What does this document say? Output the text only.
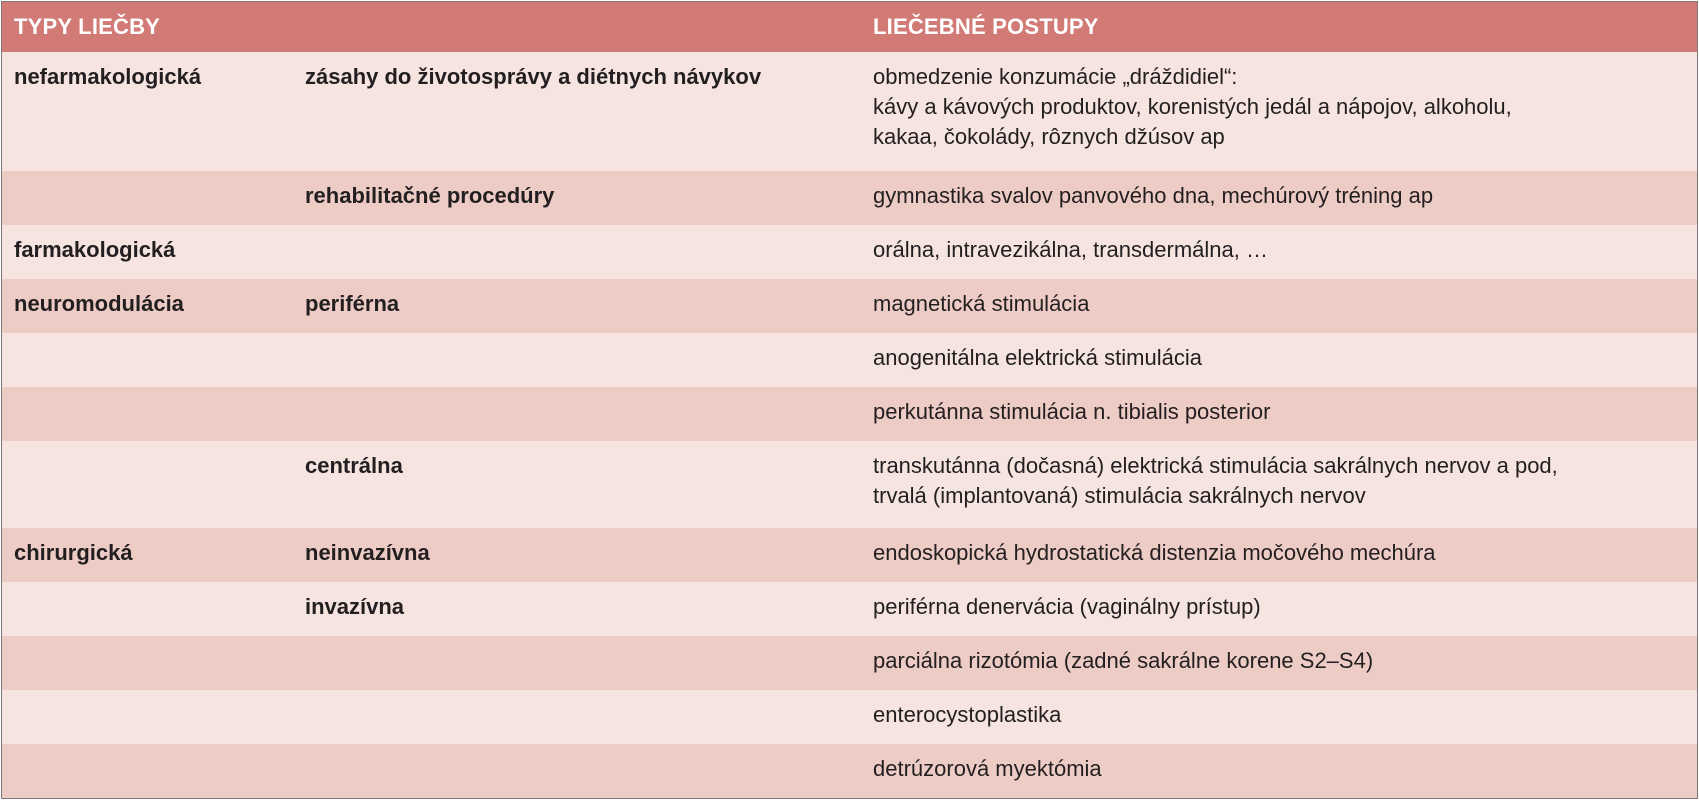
TYPY LIEČBY		LIEČEBNÉ POSTUPY
nefarmakologická	zásahy do životosprávy a diétnych návykov	obmedzenie konzumácie „dráždidiel“:
kávy a kávových produktov, korenistých jedál a nápojov, alkoholu,
kakaa, čokolády, rôznych džúsov ap

	rehabilitačné procedúry	gymnastika svalov panvového dna, mechúrový tréning ap

farmakologická		orálna, intravezikálna, transdermálna, …

neuromodulácia	periférna	magnetická stimulácia

		anogenitálna elektrická stimulácia

		perkutánna stimulácia n. tibialis posterior

	centrálna	transkutánna (dočasná) elektrická stimulácia sakrálnych nervov a pod,
trvalá (implantovaná) stimulácia sakrálnych nervov

chirurgická	neinvazívna	endoskopická hydrostatická distenzia močového mechúra

	invazívna	periférna denervácia (vaginálny prístup)

		parciálna rizotómia (zadné sakrálne korene S2–S4)

		enterocystoplastika

		detrúzorová myektómia
